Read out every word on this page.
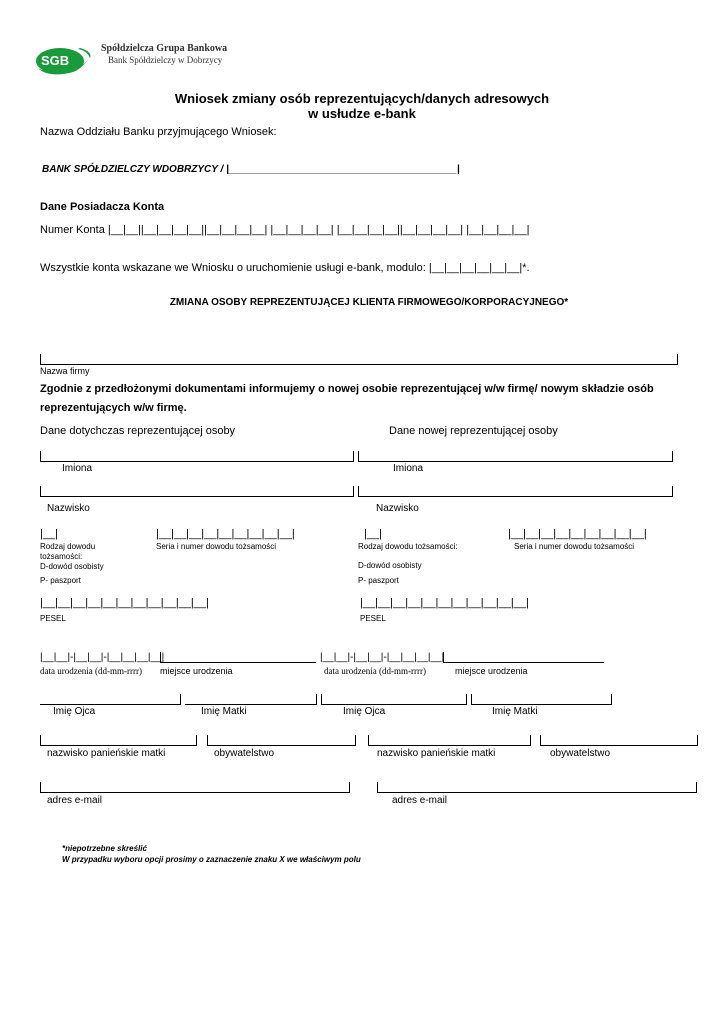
SGB
Spółdzielcza Grupa Bankowa
Bank Spółdzielczy w Dobrzycy
Wniosek zmiany osób reprezentujących/danych adresowych
w usłudze e-bank
Nazwa Oddziału Banku przyjmującego Wniosek:
BANK SPÓŁDZIELCZY WDOBRZYCY / |_________________________________________|
Dane Posiadacza Konta
Numer Konta |__|__||__|__|__|__||__|__|__|__| |__|__|__|__| |__|__|__|__||__|__|__|__| |__|__|__|__|
Wszystkie konta wskazane we Wniosku o uruchomienie usługi e-bank, modulo: |__|__|__|__|__|__|*.
ZMIANA OSOBY REPREZENTUJĄCEJ KLIENTA FIRMOWEGO/KORPORACYJNEGO*
Nazwa firmy
Zgodnie z przedłożonymi dokumentami informujemy o nowej osobie reprezentującej w/w firmę/ nowym składzie osób
reprezentujących w/w firmę.
Dane dotychczas reprezentującej osoby	Dane nowej reprezentującej osoby
Imiona	Imiona
Nazwisko	Nazwisko
|__|	|__|__|__|__|__|__|__|__|__|	|__|	|__|__|__|__|__|__|__|__|__|
Rodzaj dowodu tożsamości:
Seria i numer dowodu tożsamości
D-dowód osobisty
P- paszport
Rodzaj dowodu tożsamości:	Seria i numer dowodu tożsamości
D-dowód osobisty
P- paszport
|__|__|__|__|__|__|__|__|__|__|__|	|__|__|__|__|__|__|__|__|__|__|__|
PESEL	PESEL
|__|__|-|__|__|-|__|__|__|__|	|__|__|-|__|__|-|__|__|__|__|
data urodzenia (dd-mm-rrrr) miejsce urodzenia	data urodzenia (dd-mm-rrrr)	miejsce urodzenia
Imię Ojca	Imię Matki	Imię Ojca	Imię Matki
nazwisko panieńskie matki	obywatelstwo	nazwisko panieńskie matki	obywatelstwo
adres e-mail	adres e-mail
*niepotrzebne skreślić
W przypadku wyboru opcji prosimy o zaznaczenie znaku X we właściwym polu
